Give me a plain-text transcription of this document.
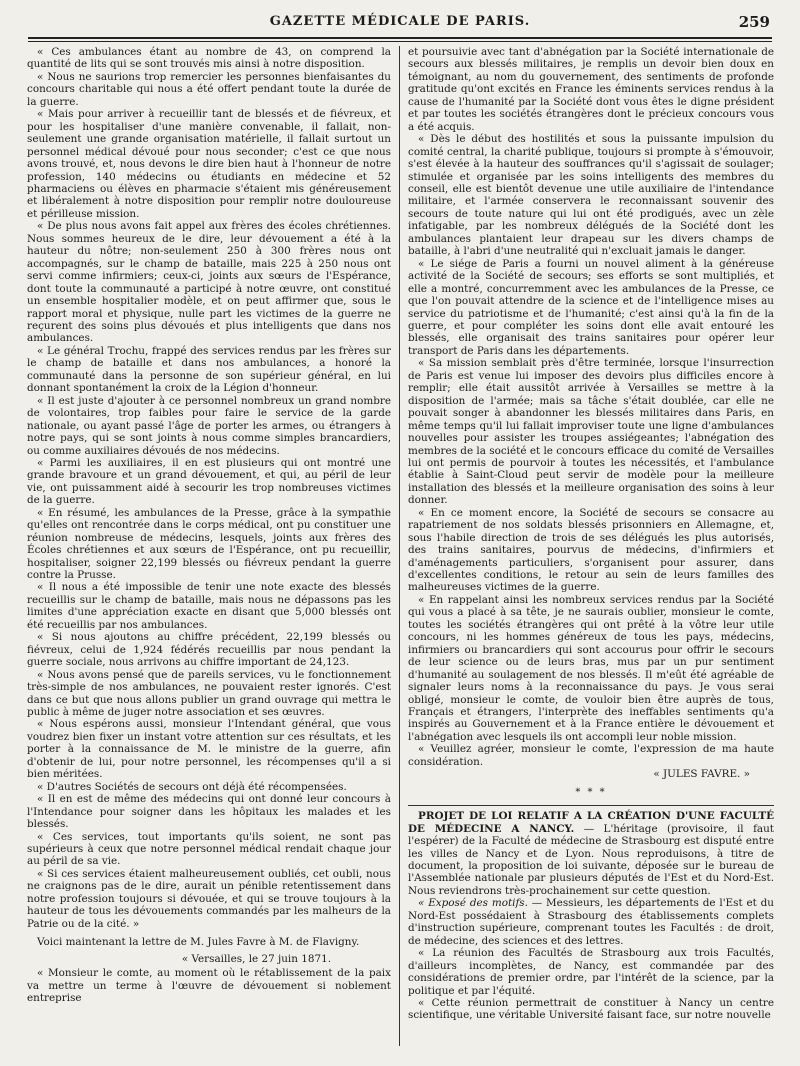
GAZETTE MÉDICALE DE PARIS.	259

« Ces ambulances étant au nombre de 43, on comprend la quantité de lits qui se sont trouvés mis ainsi à notre disposition.

« Nous ne saurions trop remercier les personnes bienfaisantes du concours charitable qui nous a été offert pendant toute la durée de la guerre.

« Mais pour arriver à recueillir tant de blessés et de fiévreux, et pour les hospitaliser d'une manière convenable, il fallait, non-seulement une grande organisation matérielle, il fallait surtout un personnel médical dévoué pour nous seconder; c'est ce que nous avons trouvé, et, nous devons le dire bien haut à l'honneur de notre profession, 140 médecins ou étudiants en médecine et 52 pharmaciens ou élèves en pharmacie s'étaient mis généreusement et libéralement à notre disposition pour remplir notre douloureuse et périlleuse mission.

« De plus nous avons fait appel aux frères des écoles chrétiennes. Nous sommes heureux de le dire, leur dévouement a été à la hauteur du nôtre; non-seulement 250 à 300 frères nous ont accompagnés, sur le champ de bataille, mais 225 à 250 nous ont servi comme infirmiers; ceux-ci, joints aux sœurs de l'Espérance, dont toute la communauté a participé à notre œuvre, ont constitué un ensemble hospitalier modèle, et on peut affirmer que, sous le rapport moral et physique, nulle part les victimes de la guerre ne reçurent des soins plus dévoués et plus intelligents que dans nos ambulances.

« Le général Trochu, frappé des services rendus par les frères sur le champ de bataille et dans nos ambulances, a honoré la communauté dans la personne de son supérieur général, en lui donnant spontanément la croix de la Légion d'honneur.

« Il est juste d'ajouter à ce personnel nombreux un grand nombre de volontaires, trop faibles pour faire le service de la garde nationale, ou ayant passé l'âge de porter les armes, ou étrangers à notre pays, qui se sont joints à nous comme simples brancardiers, ou comme auxiliaires dévoués de nos médecins.

« Parmi les auxiliaires, il en est plusieurs qui ont montré une grande bravoure et un grand dévouement, et qui, au péril de leur vie, ont puissamment aidé à secourir les trop nombreuses victimes de la guerre.

« En résumé, les ambulances de la Presse, grâce à la sympathie qu'elles ont rencontrée dans le corps médical, ont pu constituer une réunion nombreuse de médecins, lesquels, joints aux frères des Écoles chrétiennes et aux sœurs de l'Espérance, ont pu recueillir, hospitaliser, soigner 22,199 blessés ou fiévreux pendant la guerre contre la Prusse.

« Il nous a été impossible de tenir une note exacte des blessés recueillis sur le champ de bataille, mais nous ne dépassons pas les limites d'une appréciation exacte en disant que 5,000 blessés ont été recueillis par nos ambulances.

« Si nous ajoutons au chiffre précédent, 22,199 blessés ou fiévreux, celui de 1,924 fédérés recueillis par nous pendant la guerre sociale, nous arrivons au chiffre important de 24,123.

« Nous avons pensé que de pareils services, vu le fonctionnement très-simple de nos ambulances, ne pouvaient rester ignorés. C'est dans ce but que nous allons publier un grand ouvrage qui mettra le public à même de juger notre association et ses œuvres.

« Nous espérons aussi, monsieur l'Intendant général, que vous voudrez bien fixer un instant votre attention sur ces résultats, et les porter à la connaissance de M. le ministre de la guerre, afin d'obtenir de lui, pour notre personnel, les récompenses qu'il a si bien méritées.

« D'autres Sociétés de secours ont déjà été récompensées.

« Il en est de même des médecins qui ont donné leur concours à l'Intendance pour soigner dans les hôpitaux les malades et les blessés.

« Ces services, tout importants qu'ils soient, ne sont pas supérieurs à ceux que notre personnel médical rendait chaque jour au péril de sa vie.

« Si ces services étaient malheureusement oubliés, cet oubli, nous ne craignons pas de le dire, aurait un pénible retentissement dans notre profession toujours si dévouée, et qui se trouve toujours à la hauteur de tous les dévouements commandés par les malheurs de la Patrie ou de la cité. »

Voici maintenant la lettre de M. Jules Favre à M. de Flavigny.

« Versailles, le 27 juin 1871.

« Monsieur le comte, au moment où le rétablissement de la paix va mettre un terme à l'œuvre de dévouement si noblement entreprise

et poursuivie avec tant d'abnégation par la Société internationale de secours aux blessés militaires, je remplis un devoir bien doux en témoignant, au nom du gouvernement, des sentiments de profonde gratitude qu'ont excités en France les éminents services rendus à la cause de l'humanité par la Société dont vous êtes le digne président et par toutes les sociétés étrangères dont le précieux concours vous a été acquis.

« Dès le début des hostilités et sous la puissante impulsion du comité central, la charité publique, toujours si prompte à s'émouvoir, s'est élevée à la hauteur des souffrances qu'il s'agissait de soulager; stimulée et organisée par les soins intelligents des membres du conseil, elle est bientôt devenue une utile auxiliaire de l'intendance militaire, et l'armée conservera le reconnaissant souvenir des secours de toute nature qui lui ont été prodigués, avec un zèle infatigable, par les nombreux délégués de la Société dont les ambulances plantaient leur drapeau sur les divers champs de bataille, à l'abri d'une neutralité qui n'excluait jamais le danger.

« Le siége de Paris a fourni un nouvel aliment à la généreuse activité de la Société de secours; ses efforts se sont multipliés, et elle a montré, concurremment avec les ambulances de la Presse, ce que l'on pouvait attendre de la science et de l'intelligence mises au service du patriotisme et de l'humanité; c'est ainsi qu'à la fin de la guerre, et pour compléter les soins dont elle avait entouré les blessés, elle organisait des trains sanitaires pour opérer leur transport de Paris dans les départements.

« Sa mission semblait près d'être terminée, lorsque l'insurrection de Paris est venue lui imposer des devoirs plus difficiles encore à remplir; elle était aussitôt arrivée à Versailles se mettre à la disposition de l'armée; mais sa tâche s'était doublée, car elle ne pouvait songer à abandonner les blessés militaires dans Paris, en même temps qu'il lui fallait improviser toute une ligne d'ambulances nouvelles pour assister les troupes assiégeantes; l'abnégation des membres de la société et le concours efficace du comité de Versailles lui ont permis de pourvoir à toutes les nécessités, et l'ambulance établie à Saint-Cloud peut servir de modèle pour la meilleure installation des blessés et la meilleure organisation des soins à leur donner.

« En ce moment encore, la Société de secours se consacre au rapatriement de nos soldats blessés prisonniers en Allemagne, et, sous l'habile direction de trois de ses délégués les plus autorisés, des trains sanitaires, pourvus de médecins, d'infirmiers et d'aménagements particuliers, s'organisent pour assurer, dans d'excellentes conditions, le retour au sein de leurs familles des malheureuses victimes de la guerre.

« En rappelant ainsi les nombreux services rendus par la Société qui vous a placé à sa tête, je ne saurais oublier, monsieur le comte, toutes les sociétés étrangères qui ont prêté à la vôtre leur utile concours, ni les hommes généreux de tous les pays, médecins, infirmiers ou brancardiers qui sont accourus pour offrir le secours de leur science ou de leurs bras, mus par un pur sentiment d'humanité au soulagement de nos blessés. Il m'eût été agréable de signaler leurs noms à la reconnaissance du pays. Je vous serai obligé, monsieur le comte, de vouloir bien être auprès de tous, Français et étrangers, l'interprète des ineffables sentiments qu'a inspirés au Gouvernement et à la France entière le dévouement et l'abnégation avec lesquels ils ont accompli leur noble mission.

« Veuillez agréer, monsieur le comte, l'expression de ma haute considération.

« JULES FAVRE. »

* * *

PROJET DE LOI RELATIF A LA CRÉATION D'UNE FACULTÉ DE MÉDECINE A NANCY. — L'héritage (provisoire, il faut l'espérer) de la Faculté de médecine de Strasbourg est disputé entre les villes de Nancy et de Lyon. Nous reproduisons, à titre de document, la proposition de loi suivante, déposée sur le bureau de l'Assemblée nationale par plusieurs députés de l'Est et du Nord-Est. Nous reviendrons très-prochainement sur cette question.

« Exposé des motifs. — Messieurs, les départements de l'Est et du Nord-Est possédaient à Strasbourg des établissements complets d'instruction supérieure, comprenant toutes les Facultés : de droit, de médecine, des sciences et des lettres.

« La réunion des Facultés de Strasbourg aux trois Facultés, d'ailleurs incomplètes, de Nancy, est commandée par des considérations de premier ordre, par l'intérêt de la science, par la politique et par l'équité.

« Cette réunion permettrait de constituer à Nancy un centre scientifique, une véritable Université faisant face, sur notre nouvelle
